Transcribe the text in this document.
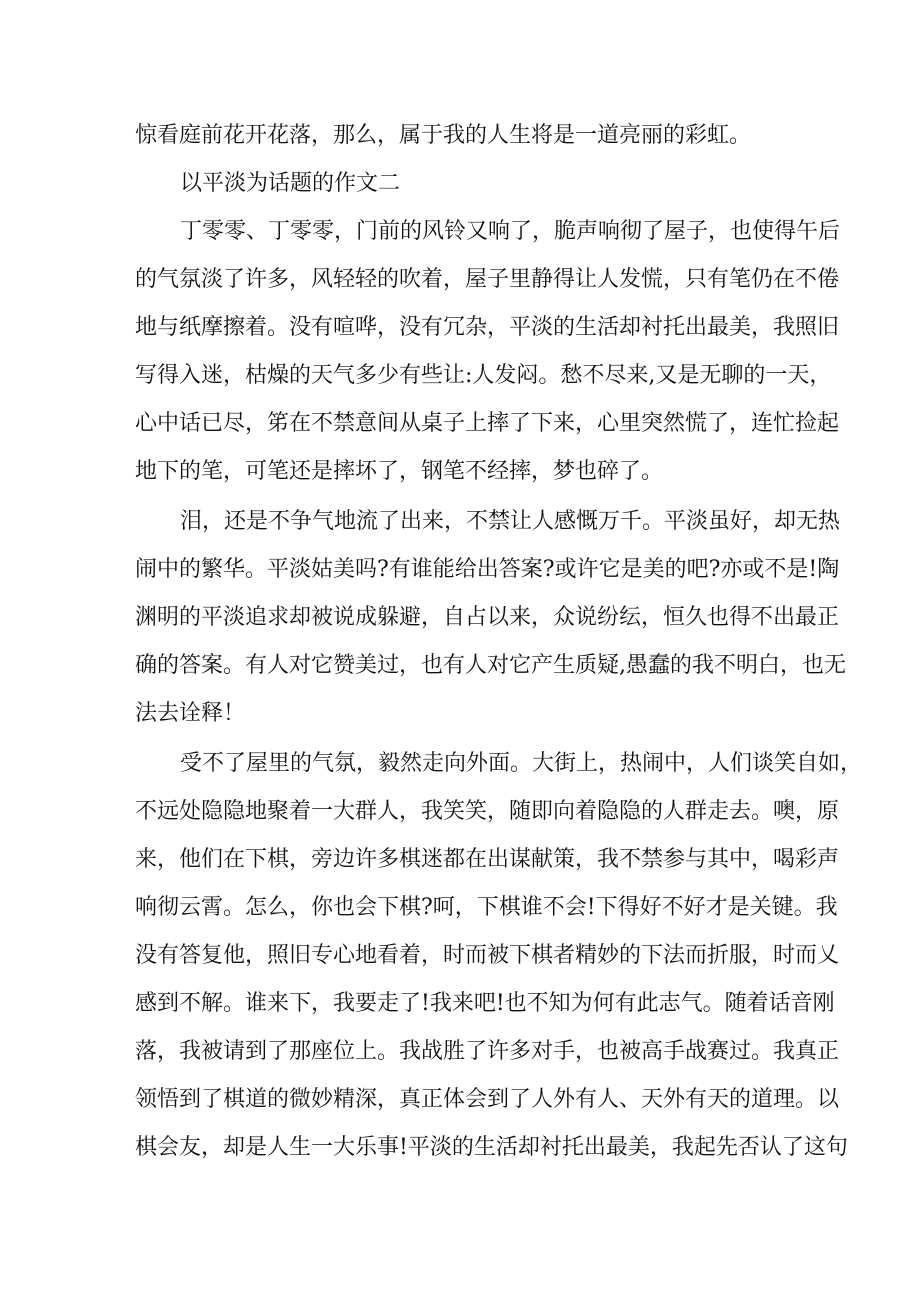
惊看庭前花开花落，那么，属于我的人生将是一道亮丽的彩虹。
以平淡为话题的作文二
丁零零、丁零零，门前的风铃又响了，脆声响彻了屋子，也使得午后
的气氛淡了许多，风轻轻的吹着，屋子里静得让人发慌，只有笔仍在不倦
地与纸摩擦着。没有喧哗，没有冗杂，平淡的生活却衬托出最美，我照旧
写得入迷，枯燥的天气多少有些让:人发闷。愁不尽来,又是无聊的一天，
心中话已尽，笫在不禁意间从桌子上摔了下来，心里突然慌了，连忙捡起
地下的笔，可笔还是摔坏了，钢笔不经摔，梦也碎了。
泪，还是不争气地流了出来，不禁让人感慨万千。平淡虽好，却无热
闹中的繁华。平淡姑美吗?有谁能给出答案?或许它是美的吧?亦或不是!陶
渊明的平淡追求却被说成躲避，自占以来，众说纷纭，恒久也得不出最正
确的答案。有人对它赞美过，也有人对它产生质疑,愚蠢的我不明白，也无
法去诠释！
受不了屋里的气氛，毅然走向外面。大街上，热闹中，人们谈笑自如，
不远处隐隐地聚着一大群人，我笑笑，随即向着隐隐的人群走去。噢，原
来，他们在下棋，旁边许多棋迷都在出谋献策，我不禁参与其中，喝彩声
响彻云霄。怎么，你也会下棋?呵，下棋谁不会!下得好不好才是关键。我
没有答复他，照旧专心地看着，时而被下棋者精妙的下法而折服，时而乂
感到不解。谁来下，我要走了!我来吧!也不知为何有此志气。随着话音刚
落，我被请到了那座位上。我战胜了许多对手，也被高手战赛过。我真正
领悟到了棋道的微妙精深，真正体会到了人外有人、天外有天的道理。以
棋会友，却是人生一大乐事!平淡的生活却衬托出最美，我起先否认了这句
